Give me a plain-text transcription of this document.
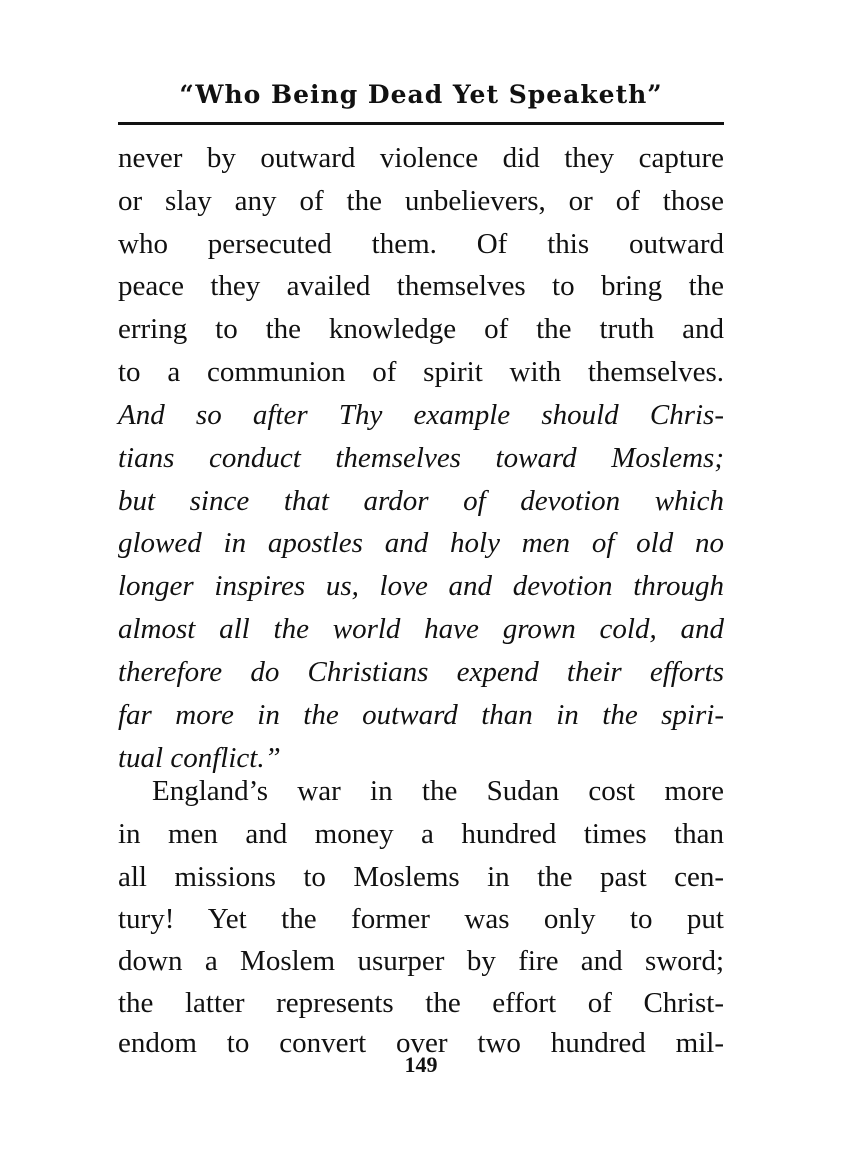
“Who Being Dead Yet Speaketh”
never by outward violence did they capture
or slay any of the unbelievers, or of those
who persecuted them. Of this outward
peace they availed themselves to bring the
erring to the knowledge of the truth and
to a communion of spirit with themselves.
And so after Thy example should Chris-
tians conduct themselves toward Moslems;
but since that ardor of devotion which
glowed in apostles and holy men of old no
longer inspires us, love and devotion through
almost all the world have grown cold, and
therefore do Christians expend their efforts
far more in the outward than in the spiri-
tual conflict.”
England’s war in the Sudan cost more
in men and money a hundred times than
all missions to Moslems in the past cen-
tury! Yet the former was only to put
down a Moslem usurper by fire and sword;
the latter represents the effort of Christ-
endom to convert over two hundred mil-
149
